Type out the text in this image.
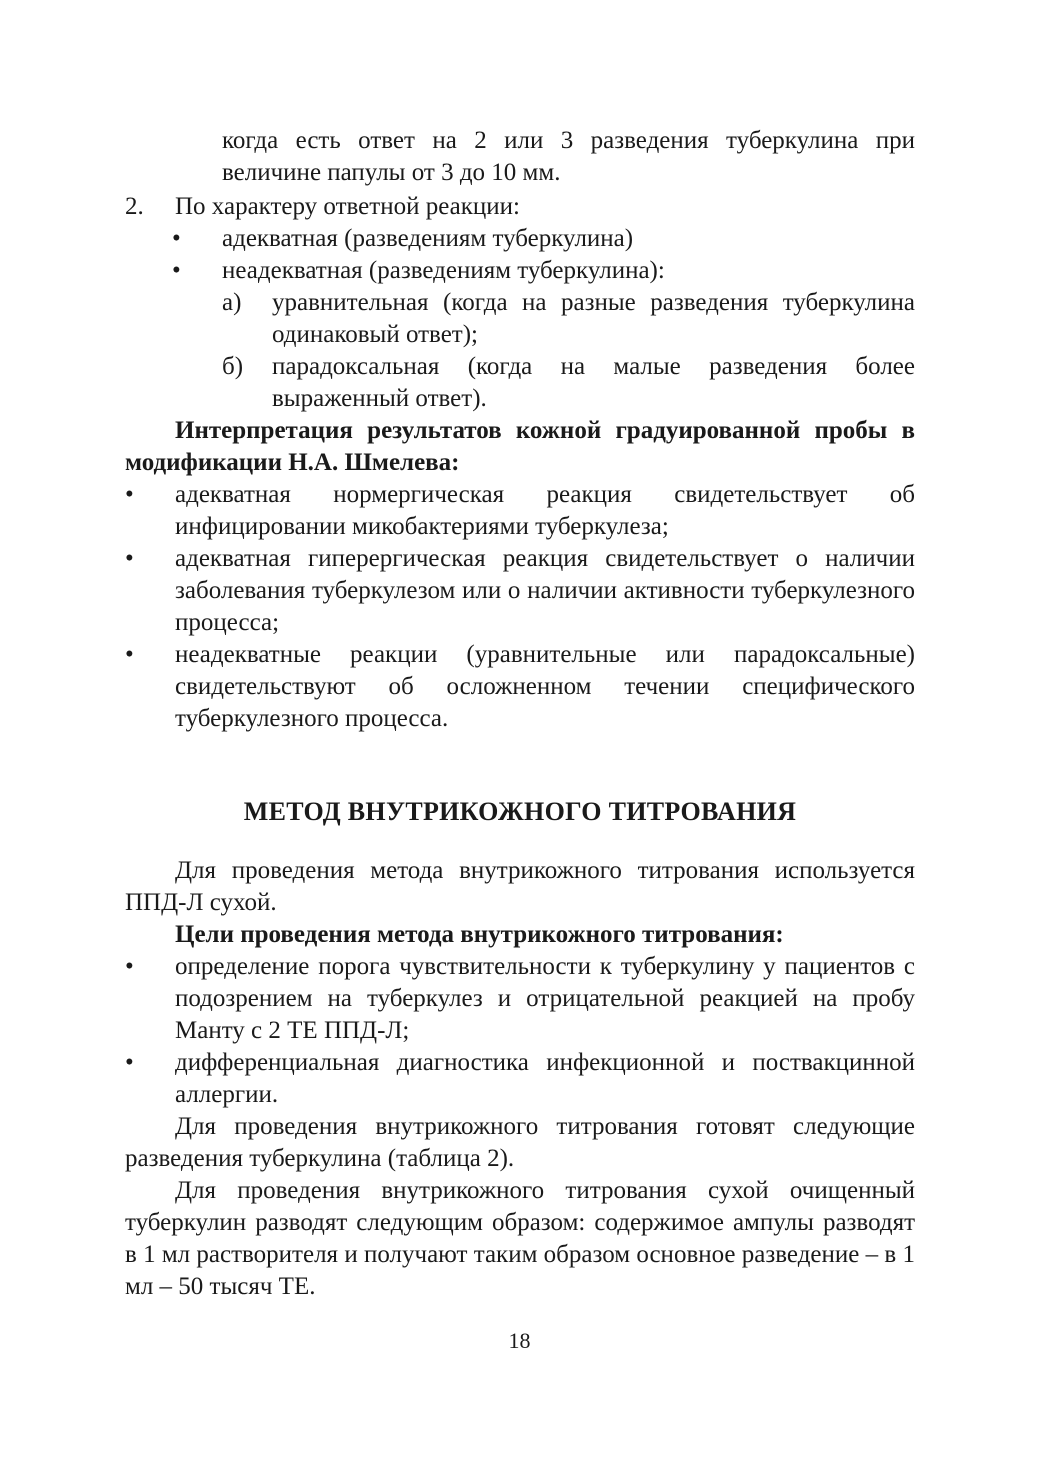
когда есть ответ на 2 или 3 разведения туберкулина при величине папулы от 3 до 10 мм.
2.	По характеру ответной реакции:
•	адекватная (разведениям туберкулина)
•	неадекватная (разведениям туберкулина):
а)	уравнительная (когда на разные разведения туберкулина одинаковый ответ);
б)	парадоксальная (когда на малые разведения более выраженный ответ).
Интерпретация результатов кожной градуированной пробы в модификации Н.А. Шмелева:
•	адекватная нормергическая реакция свидетельствует об инфицировании микобактериями туберкулеза;
•	адекватная гиперергическая реакция свидетельствует о наличии заболевания туберкулезом или о наличии активности туберкулезного процесса;
•	неадекватные реакции (уравнительные или парадоксальные) свидетельствуют об осложненном течении специфического туберкулезного процесса.
МЕТОД ВНУТРИКОЖНОГО ТИТРОВАНИЯ
Для проведения метода внутрикожного титрования используется ППД-Л сухой.
Цели проведения метода внутрикожного титрования:
•	определение порога чувствительности к туберкулину у пациентов с подозрением на туберкулез и отрицательной реакцией на пробу Манту с 2 ТЕ ППД-Л;
•	дифференциальная диагностика инфекционной и поствакцинной аллергии.
Для проведения внутрикожного титрования готовят следующие разведения туберкулина (таблица 2).
Для проведения внутрикожного титрования сухой очищенный туберкулин разводят следующим образом: содержимое ампулы разводят в 1 мл растворителя и получают таким образом основное разведение – в 1 мл – 50 тысяч ТЕ.
18
